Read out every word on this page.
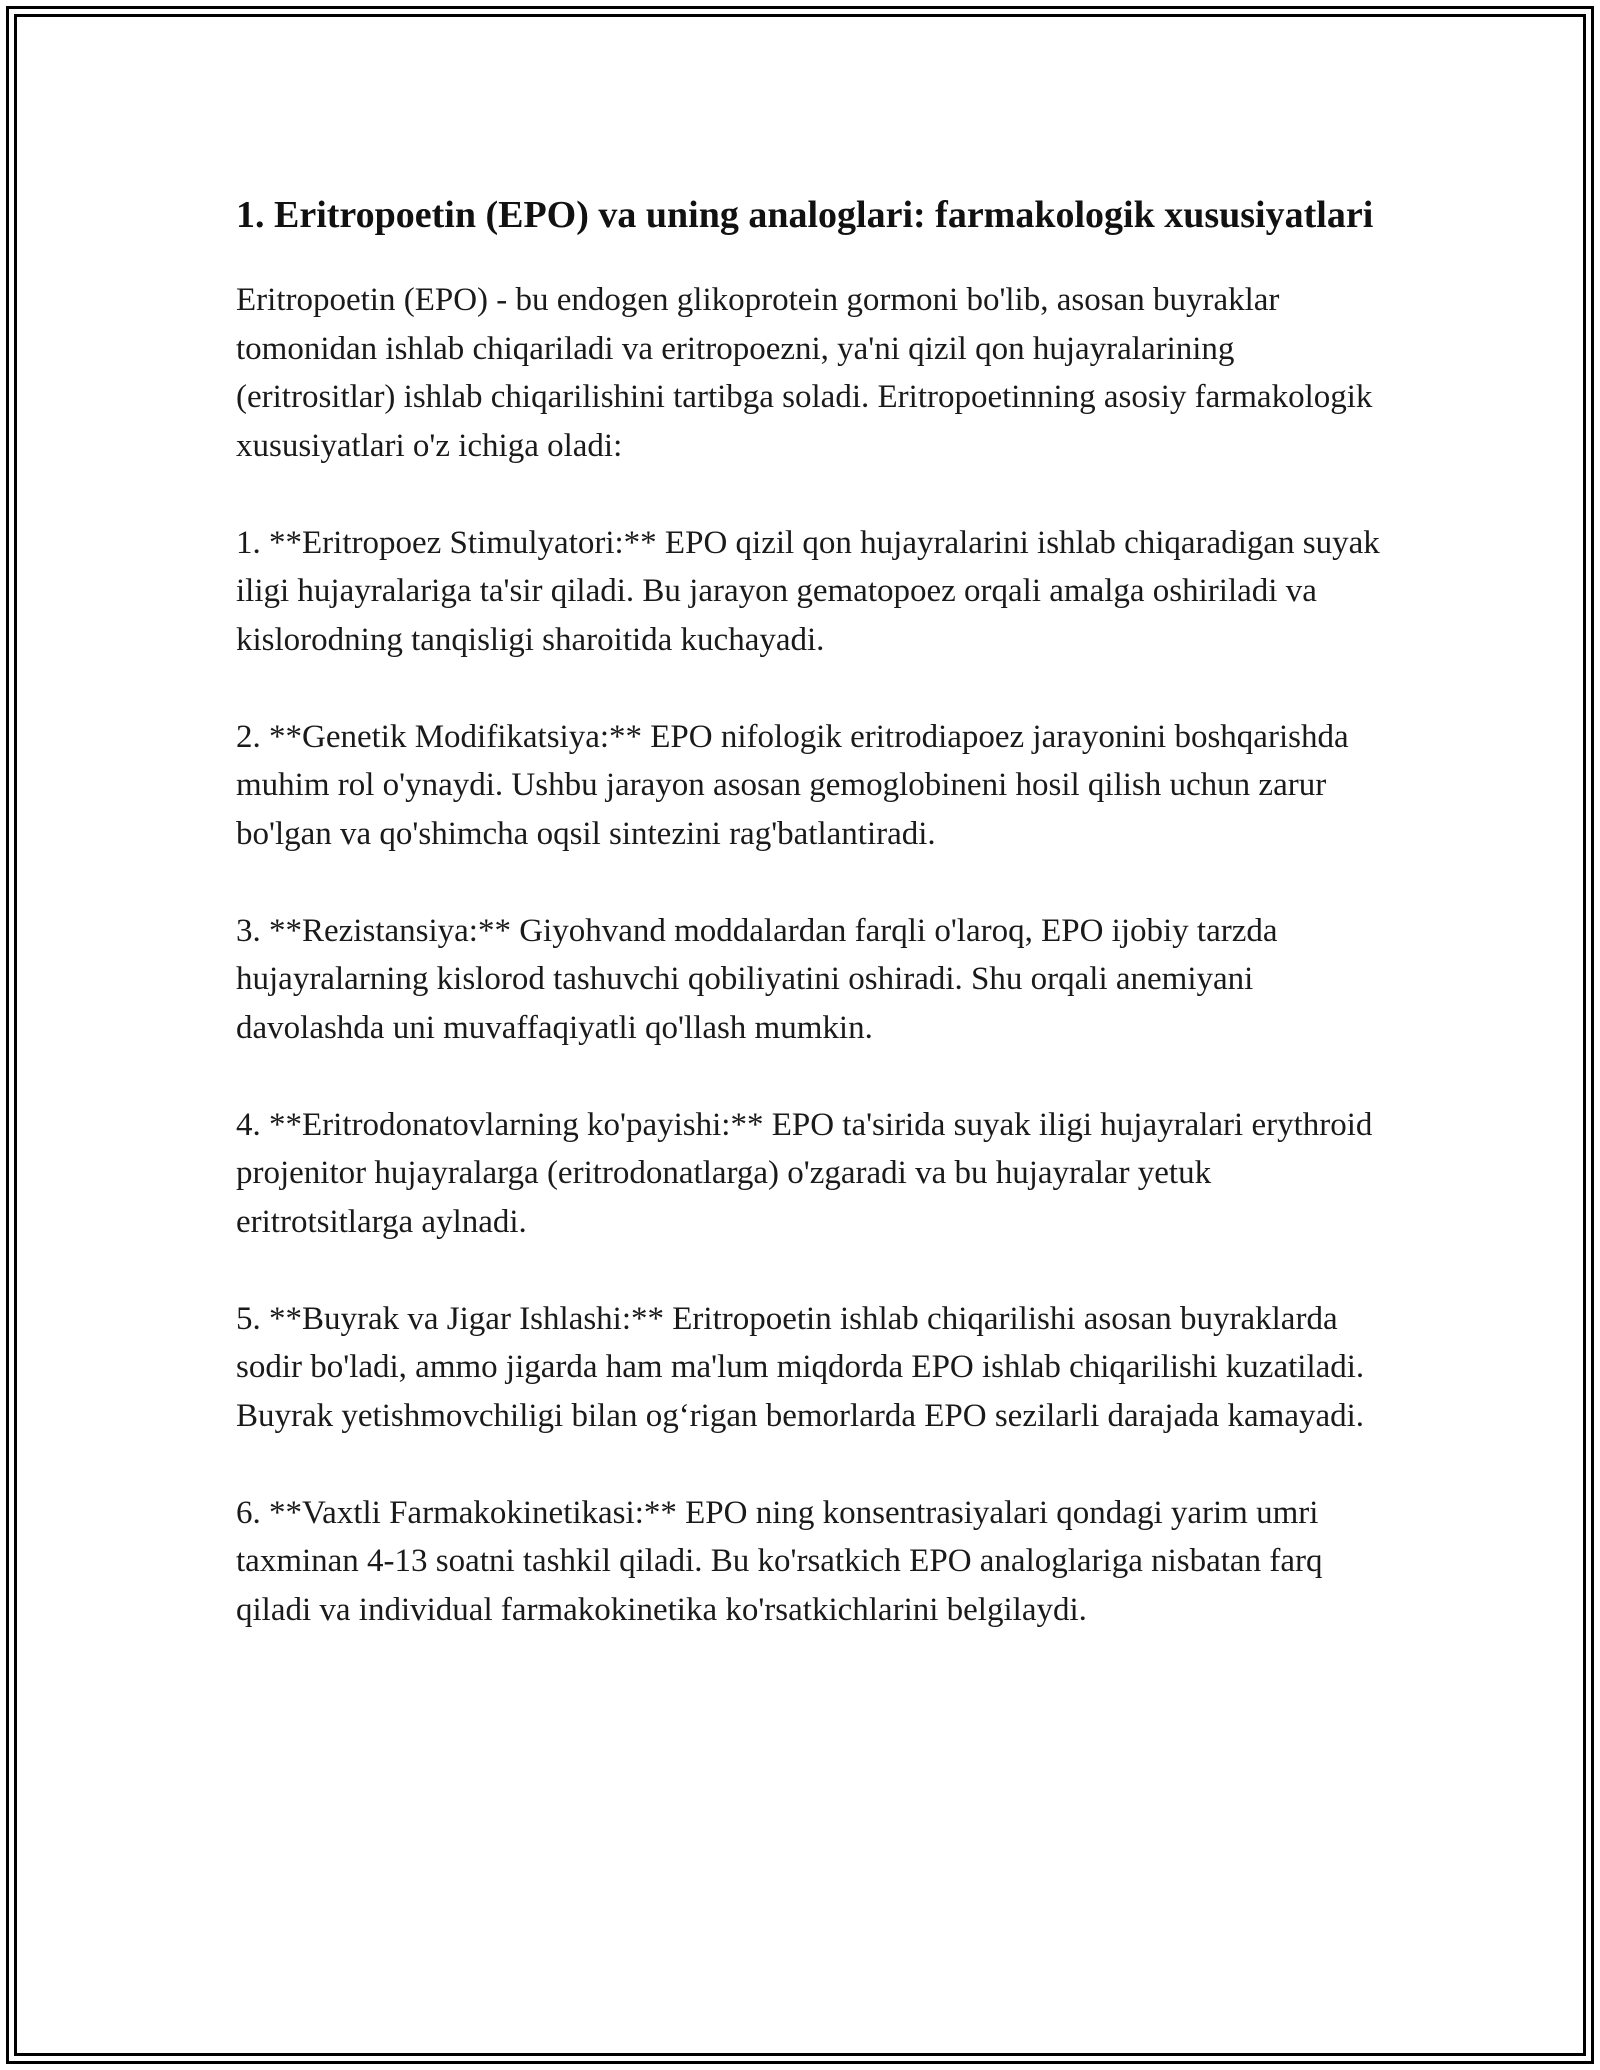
1. Eritropoetin (EPO) va uning analoglari: farmakologik xususiyatlari

Eritropoetin (EPO) - bu endogen glikoprotein gormoni bo'lib, asosan buyraklar tomonidan ishlab chiqariladi va eritropoezni, ya'ni qizil qon hujayralarining (eritrositlar) ishlab chiqarilishini tartibga soladi. Eritropoetinning asosiy farmakologik xususiyatlari o'z ichiga oladi:

1. **Eritropoez Stimulyatori:** EPO qizil qon hujayralarini ishlab chiqaradigan suyak iligi hujayralariga ta'sir qiladi. Bu jarayon gematopoez orqali amalga oshiriladi va kislorodning tanqisligi sharoitida kuchayadi.

2. **Genetik Modifikatsiya:** EPO nifologik eritrodiapoez jarayonini boshqarishda muhim rol o'ynaydi. Ushbu jarayon asosan gemoglobineni hosil qilish uchun zarur bo'lgan va qo'shimcha oqsil sintezini rag'batlantiradi.

3. **Rezistansiya:** Giyohvand moddalardan farqli o'laroq, EPO ijobiy tarzda hujayralarning kislorod tashuvchi qobiliyatini oshiradi. Shu orqali anemiyani davolashda uni muvaffaqiyatli qo'llash mumkin.

4. **Eritrodonatovlarning ko'payishi:** EPO ta'sirida suyak iligi hujayralari erythroid projenitor hujayralarga (eritrodonatlarga) o'zgaradi va bu hujayralar yetuk eritrotsitlarga aylnadi.

5. **Buyrak va Jigar Ishlashi:** Eritropoetin ishlab chiqarilishi asosan buyraklarda sodir bo'ladi, ammo jigarda ham ma'lum miqdorda EPO ishlab chiqarilishi kuzatiladi. Buyrak yetishmovchiligi bilan og‘rigan bemorlarda EPO sezilarli darajada kamayadi.

6. **Vaxtli Farmakokinetikasi:** EPO ning konsentrasiyalari qondagi yarim umri taxminan 4-13 soatni tashkil qiladi. Bu ko'rsatkich EPO analoglariga nisbatan farq qiladi va individual farmakokinetika ko'rsatkichlarini belgilaydi.
